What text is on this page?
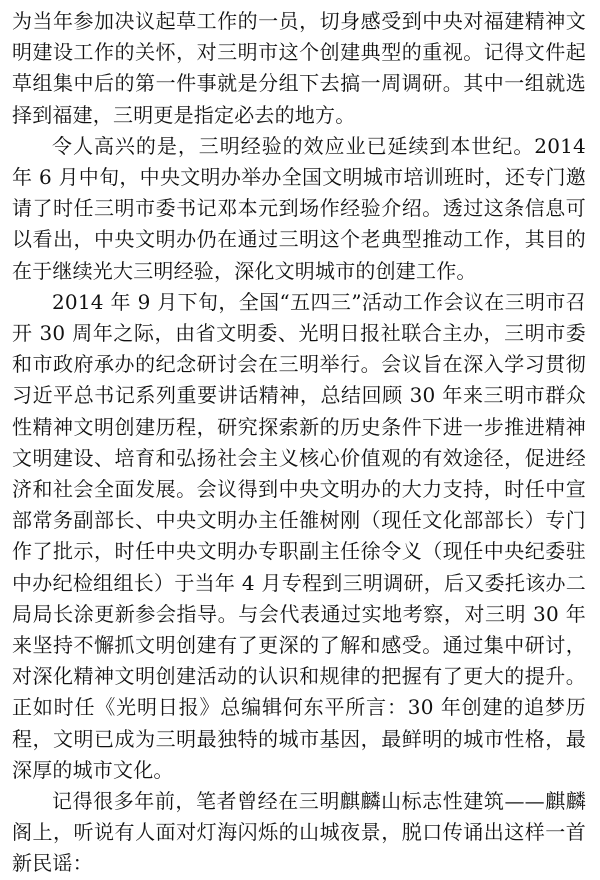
为当年参加决议起草工作的一员，切身感受到中央对福建精神文明建设工作的关怀，对三明市这个创建典型的重视。记得文件起草组集中后的第一件事就是分组下去搞一周调研。其中一组就选择到福建，三明更是指定必去的地方。

令人高兴的是，三明经验的效应业已延续到本世纪。2014 年 6 月中旬，中央文明办举办全国文明城市培训班时，还专门邀请了时任三明市委书记邓本元到场作经验介绍。透过这条信息可以看出，中央文明办仍在通过三明这个老典型推动工作，其目的在于继续光大三明经验，深化文明城市的创建工作。

2014 年 9 月下旬，全国“五四三”活动工作会议在三明市召开 30 周年之际，由省文明委、光明日报社联合主办，三明市委和市政府承办的纪念研讨会在三明举行。会议旨在深入学习贯彻习近平总书记系列重要讲话精神，总结回顾 30 年来三明市群众性精神文明创建历程，研究探索新的历史条件下进一步推进精神文明建设、培育和弘扬社会主义核心价值观的有效途径，促进经济和社会全面发展。会议得到中央文明办的大力支持，时任中宣部常务副部长、中央文明办主任雒树刚（现任文化部部长）专门作了批示，时任中央文明办专职副主任徐令义（现任中央纪委驻中办纪检组组长）于当年 4 月专程到三明调研，后又委托该办二局局长涂更新参会指导。与会代表通过实地考察，对三明 30 年来坚持不懈抓文明创建有了更深的了解和感受。通过集中研讨，对深化精神文明创建活动的认识和规律的把握有了更大的提升。正如时任《光明日报》总编辑何东平所言：30 年创建的追梦历程，文明已成为三明最独特的城市基因，最鲜明的城市性格，最深厚的城市文化。

记得很多年前，笔者曾经在三明麒麟山标志性建筑——麒麟阁上，听说有人面对灯海闪烁的山城夜景，脱口传诵出这样一首新民谣：
